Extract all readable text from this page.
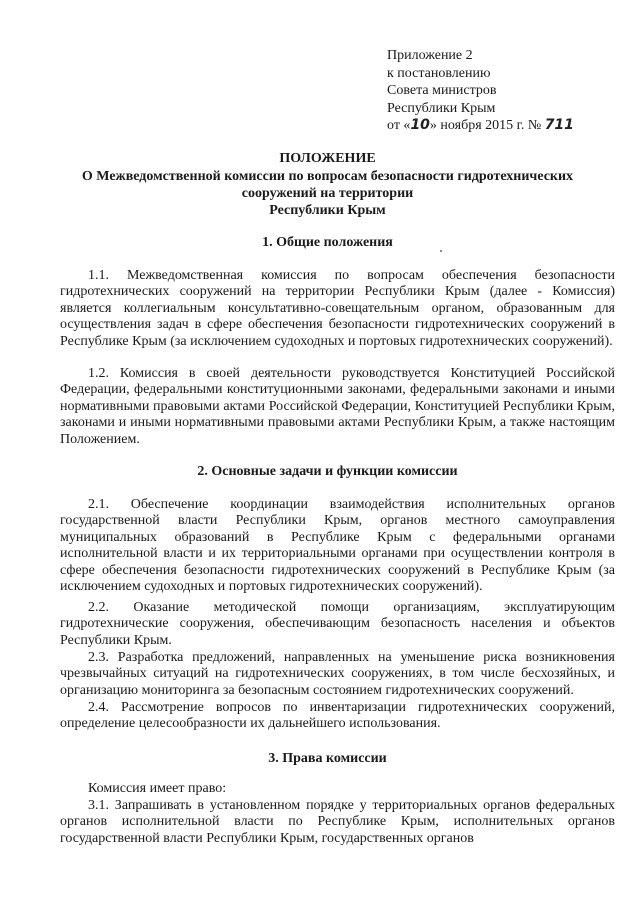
Приложение 2
к постановлению
Совета министров
Республики Крым
от «10» ноября 2015 г. № 711
ПОЛОЖЕНИЕ
О Межведомственной комиссии по вопросам безопасности гидротехнических
сооружений на территории
Республики Крым
1. Общие положения
1.1. Межведомственная комиссия по вопросам обеспечения безопасности гидротехнических сооружений на территории Республики Крым (далее - Комиссия) является коллегиальным консультативно-совещательным органом, образованным для осуществления задач в сфере обеспечения безопасности гидротехнических сооружений в Республике Крым (за исключением судоходных и портовых гидротехнических сооружений).
1.2. Комиссия в своей деятельности руководствуется Конституцией Российской Федерации, федеральными конституционными законами, федеральными законами и иными нормативными правовыми актами Российской Федерации, Конституцией Республики Крым, законами и иными нормативными правовыми актами Республики Крым, а также настоящим Положением.
2. Основные задачи и функции комиссии
2.1. Обеспечение координации взаимодействия исполнительных органов государственной власти Республики Крым, органов местного самоуправления муниципальных образований в Республике Крым с федеральными органами исполнительной власти и их территориальными органами при осуществлении контроля в сфере обеспечения безопасности гидротехнических сооружений в Республике Крым (за исключением судоходных и портовых гидротехнических сооружений).
2.2. Оказание методической помощи организациям, эксплуатирующим гидротехнические сооружения, обеспечивающим безопасность населения и объектов Республики Крым.
2.3. Разработка предложений, направленных на уменьшение риска возникновения чрезвычайных ситуаций на гидротехнических сооружениях, в том числе бесхозяйных, и организацию мониторинга за безопасным состоянием гидротехнических сооружений.
2.4. Рассмотрение вопросов по инвентаризации гидротехнических сооружений, определение целесообразности их дальнейшего использования.
3. Права комиссии
Комиссия имеет право:
3.1. Запрашивать в установленном порядке у территориальных органов федеральных органов исполнительной власти по Республике Крым, исполнительных органов государственной власти Республики Крым, государственных органов
